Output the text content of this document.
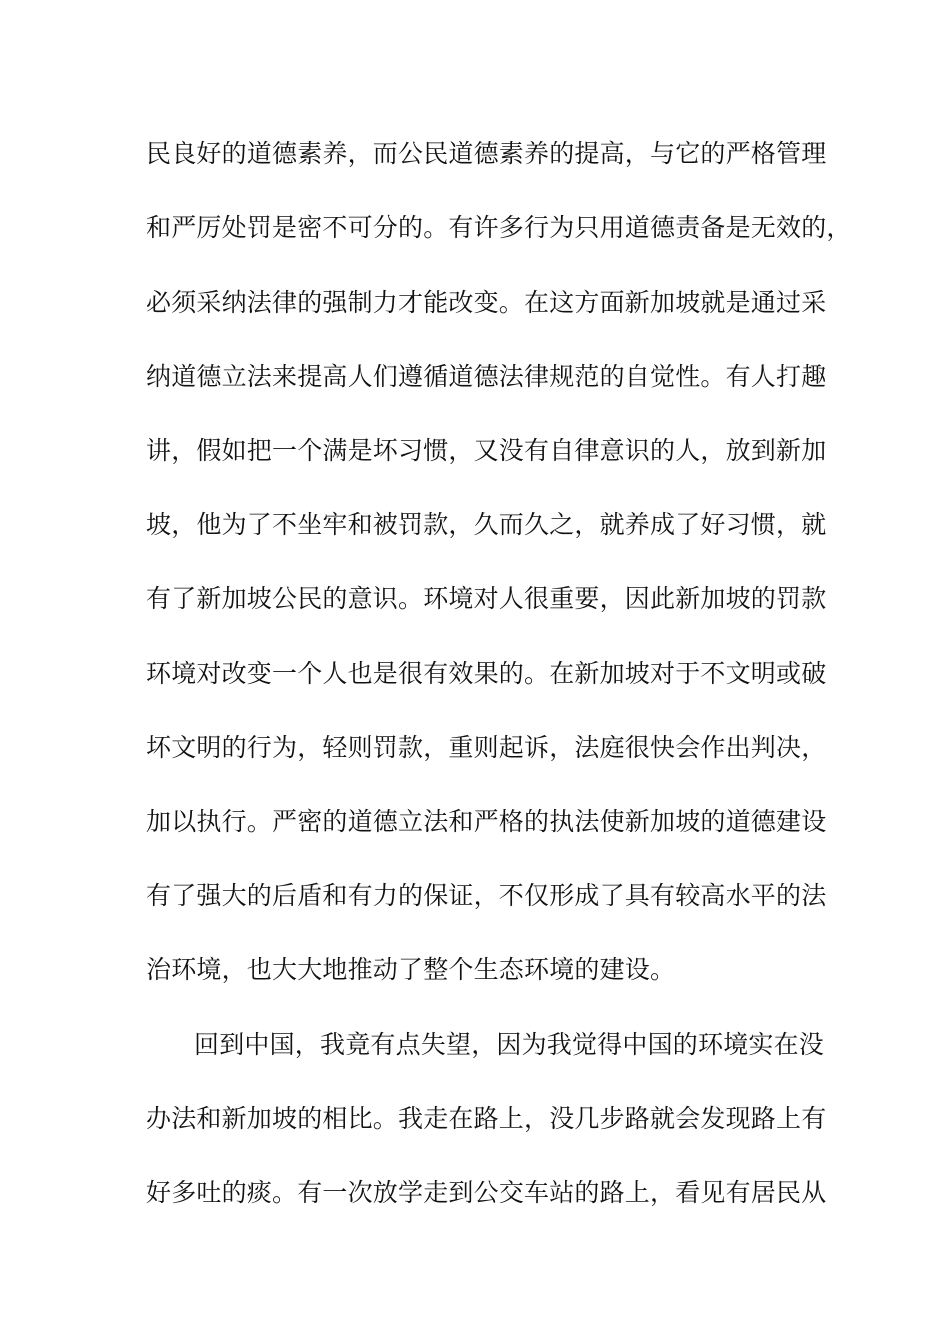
民良好的道德素养，而公民道德素养的提高，与它的严格管理
和严厉处罚是密不可分的。有许多行为只用道德责备是无效的，
必须采纳法律的强制力才能改变。在这方面新加坡就是通过采
纳道德立法来提高人们遵循道德法律规范的自觉性。有人打趣
讲，假如把一个满是坏习惯，又没有自律意识的人，放到新加
坡，他为了不坐牢和被罚款，久而久之，就养成了好习惯，就
有了新加坡公民的意识。环境对人很重要，因此新加坡的罚款
环境对改变一个人也是很有效果的。在新加坡对于不文明或破
坏文明的行为，轻则罚款，重则起诉，法庭很快会作出判决，
加以执行。严密的道德立法和严格的执法使新加坡的道德建设
有了强大的后盾和有力的保证，不仅形成了具有较高水平的法
治环境，也大大地推动了整个生态环境的建设。
回到中国，我竟有点失望，因为我觉得中国的环境实在没
办法和新加坡的相比。我走在路上，没几步路就会发现路上有
好多吐的痰。有一次放学走到公交车站的路上，看见有居民从
